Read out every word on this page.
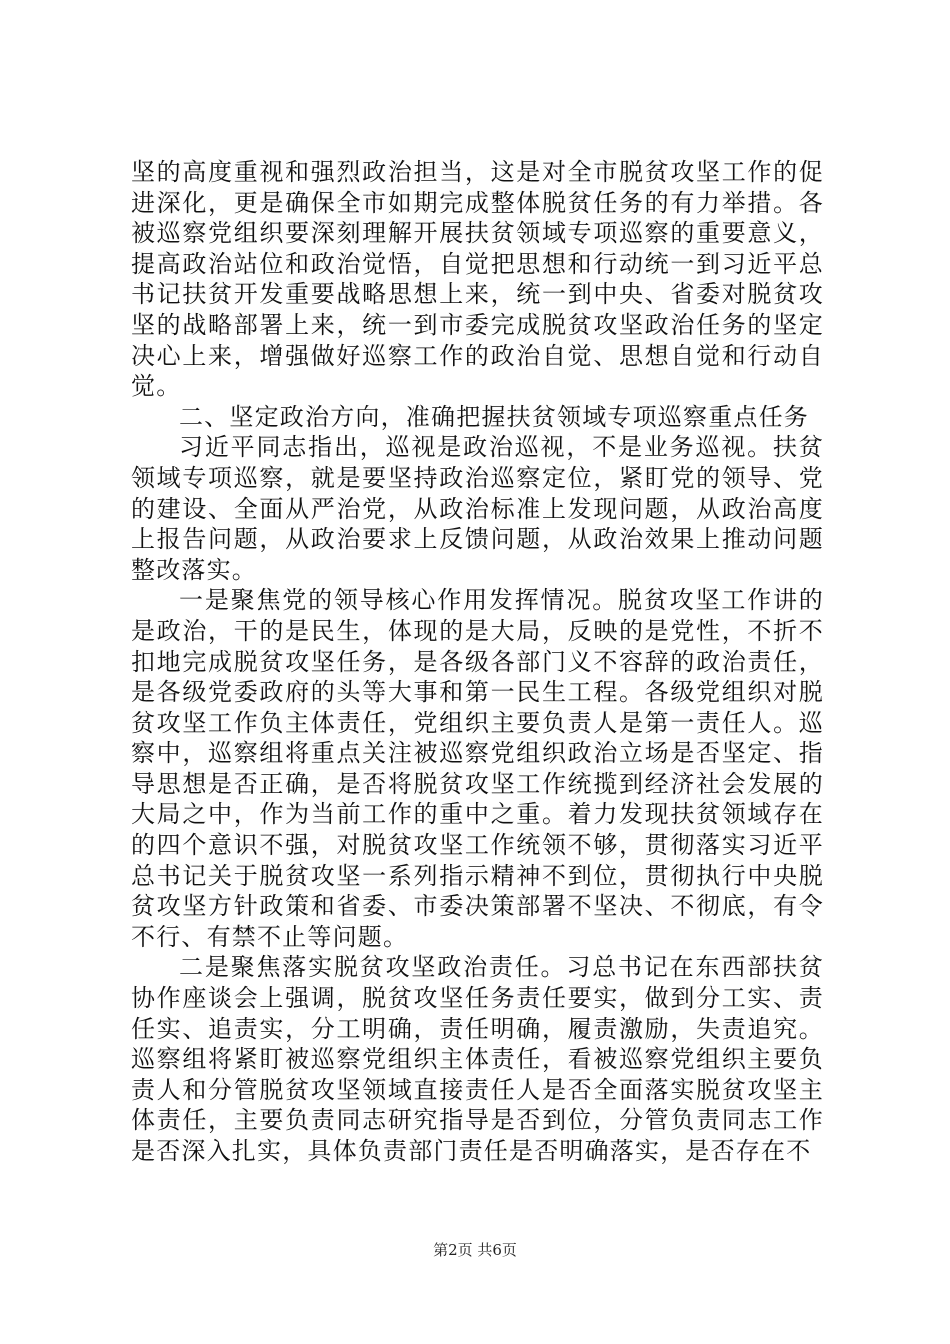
坚的高度重视和强烈政治担当，这是对全市脱贫攻坚工作的促进深化，更是确保全市如期完成整体脱贫任务的有力举措。各被巡察党组织要深刻理解开展扶贫领域专项巡察的重要意义，提高政治站位和政治觉悟，自觉把思想和行动统一到习近平总书记扶贫开发重要战略思想上来，统一到中央、省委对脱贫攻坚的战略部署上来，统一到市委完成脱贫攻坚政治任务的坚定决心上来，增强做好巡察工作的政治自觉、思想自觉和行动自觉。

二、坚定政治方向，准确把握扶贫领域专项巡察重点任务

习近平同志指出，巡视是政治巡视，不是业务巡视。扶贫领域专项巡察，就是要坚持政治巡察定位，紧盯党的领导、党的建设、全面从严治党，从政治标准上发现问题，从政治高度上报告问题，从政治要求上反馈问题，从政治效果上推动问题整改落实。

一是聚焦党的领导核心作用发挥情况。脱贫攻坚工作讲的是政治，干的是民生，体现的是大局，反映的是党性，不折不扣地完成脱贫攻坚任务，是各级各部门义不容辞的政治责任，是各级党委政府的头等大事和第一民生工程。各级党组织对脱贫攻坚工作负主体责任，党组织主要负责人是第一责任人。巡察中，巡察组将重点关注被巡察党组织政治立场是否坚定、指导思想是否正确，是否将脱贫攻坚工作统揽到经济社会发展的大局之中，作为当前工作的重中之重。着力发现扶贫领域存在的四个意识不强，对脱贫攻坚工作统领不够，贯彻落实习近平总书记关于脱贫攻坚一系列指示精神不到位，贯彻执行中央脱贫攻坚方针政策和省委、市委决策部署不坚决、不彻底，有令不行、有禁不止等问题。

二是聚焦落实脱贫攻坚政治责任。习总书记在东西部扶贫协作座谈会上强调，脱贫攻坚任务责任要实，做到分工实、责任实、追责实，分工明确，责任明确，履责激励，失责追究。巡察组将紧盯被巡察党组织主体责任，看被巡察党组织主要负责人和分管脱贫攻坚领域直接责任人是否全面落实脱贫攻坚主体责任，主要负责同志研究指导是否到位，分管负责同志工作是否深入扎实，具体负责部门责任是否明确落实，是否存在不

第2页 共6页
